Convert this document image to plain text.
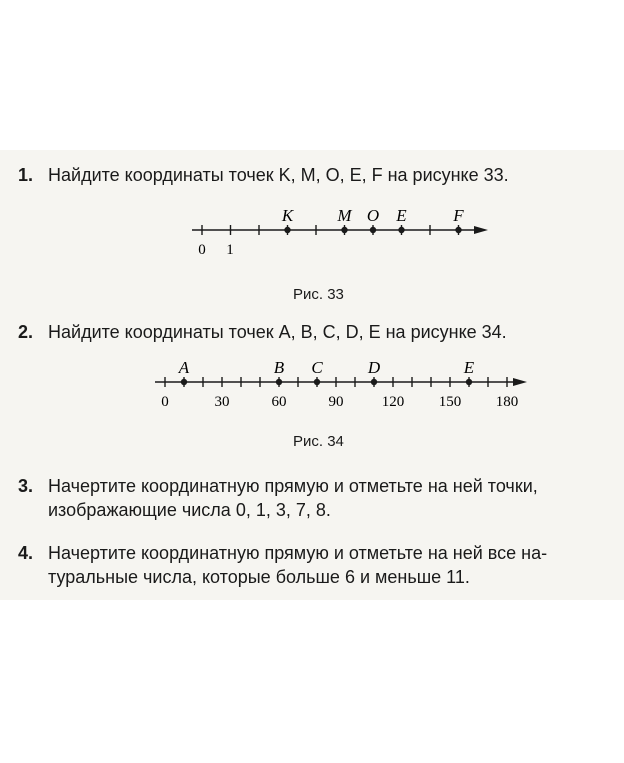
1. Найдите координаты точек K, M, O, E, F на рисунке 33.
K	M O E	F
0 1
Рис. 33
2. Найдите координаты точек A, B, C, D, E на рисунке 34.
A	B C	D	E
0	30	60	90	120 150 180
Рис. 34
3. Начертите координатную прямую и отметьте на ней точки,
изображающие числа 0, 1, 3, 7, 8.
4. Начертите координатную прямую и отметьте на ней все на-
туральные числа, которые больше 6 и меньше 11.
